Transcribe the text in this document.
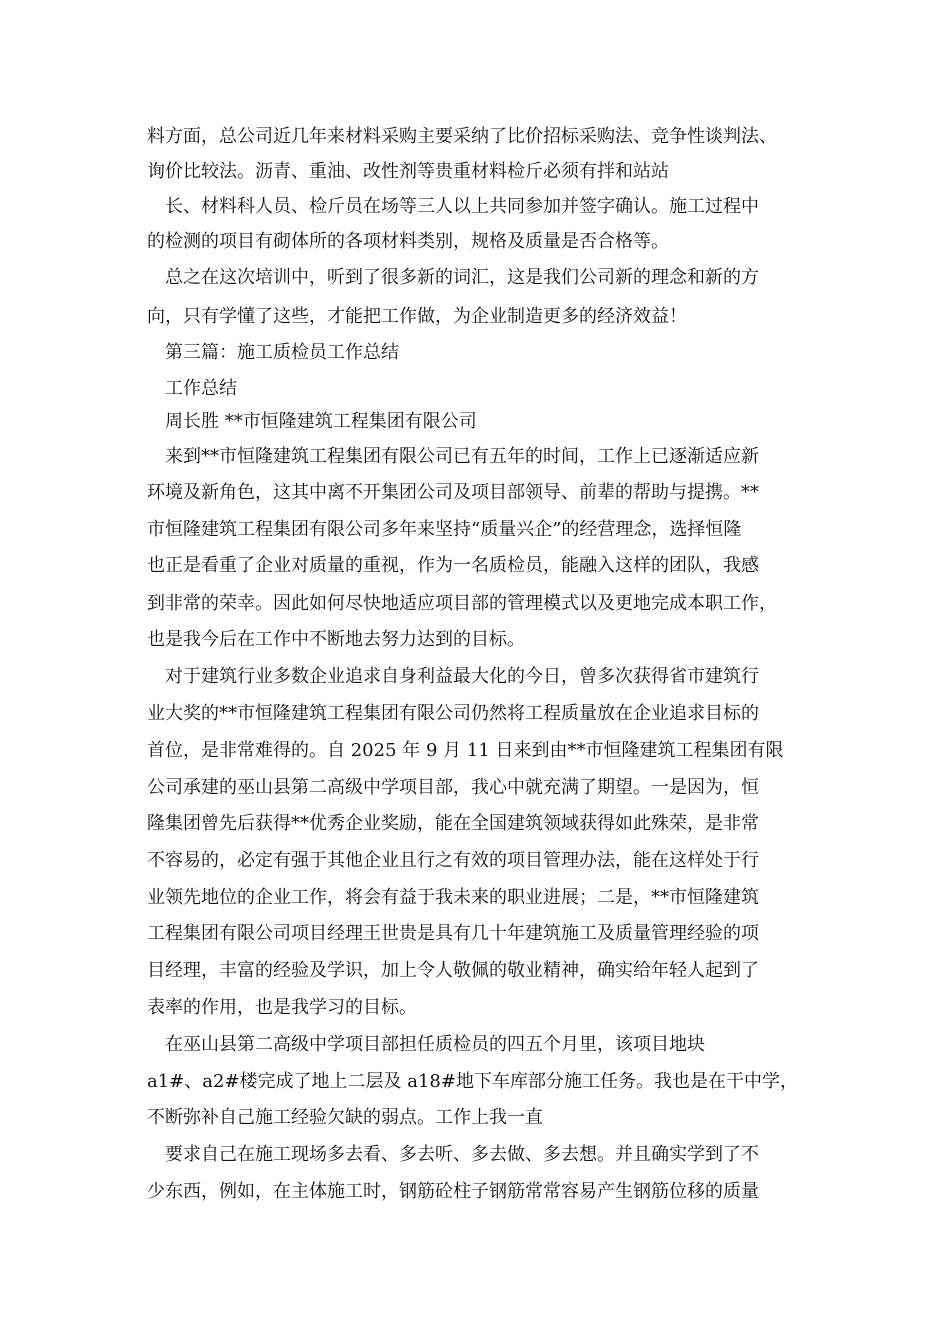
料方面，总公司近几年来材料采购主要采纳了比价招标采购法、竞争性谈判法、
询价比较法。沥青、重油、改性剂等贵重材料检斤必须有拌和站站
长、材料科人员、检斤员在场等三人以上共同参加并签字确认。施工过程中
的检测的项目有砌体所的各项材料类别，规格及质量是否合格等。
总之在这次培训中，听到了很多新的词汇，这是我们公司新的理念和新的方
向，只有学懂了这些，才能把工作做，为企业制造更多的经济效益！
第三篇：施工质检员工作总结
工作总结
周长胜 **市恒隆建筑工程集团有限公司
来到**市恒隆建筑工程集团有限公司已有五年的时间，工作上已逐渐适应新
环境及新角色，这其中离不开集团公司及项目部领导、前辈的帮助与提携。**
市恒隆建筑工程集团有限公司多年来坚持“质量兴企”的经营理念，选择恒隆
也正是看重了企业对质量的重视，作为一名质检员，能融入这样的团队，我感
到非常的荣幸。因此如何尽快地适应项目部的管理模式以及更地完成本职工作，
也是我今后在工作中不断地去努力达到的目标。
对于建筑行业多数企业追求自身利益最大化的今日，曾多次获得省市建筑行
业大奖的**市恒隆建筑工程集团有限公司仍然将工程质量放在企业追求目标的
首位，是非常难得的。自 2025 年 9 月 11 日来到由**市恒隆建筑工程集团有限
公司承建的巫山县第二高级中学项目部，我心中就充满了期望。一是因为，恒
隆集团曾先后获得**优秀企业奖励，能在全国建筑领域获得如此殊荣，是非常
不容易的，必定有强于其他企业且行之有效的项目管理办法，能在这样处于行
业领先地位的企业工作，将会有益于我未来的职业进展；二是，**市恒隆建筑
工程集团有限公司项目经理王世贵是具有几十年建筑施工及质量管理经验的项
目经理，丰富的经验及学识，加上令人敬佩的敬业精神，确实给年轻人起到了
表率的作用，也是我学习的目标。
在巫山县第二高级中学项目部担任质检员的四五个月里，该项目地块
a1#、a2#楼完成了地上二层及 a18#地下车库部分施工任务。我也是在干中学，
不断弥补自己施工经验欠缺的弱点。工作上我一直
要求自己在施工现场多去看、多去听、多去做、多去想。并且确实学到了不
少东西，例如，在主体施工时，钢筋砼柱子钢筋常常容易产生钢筋位移的质量
